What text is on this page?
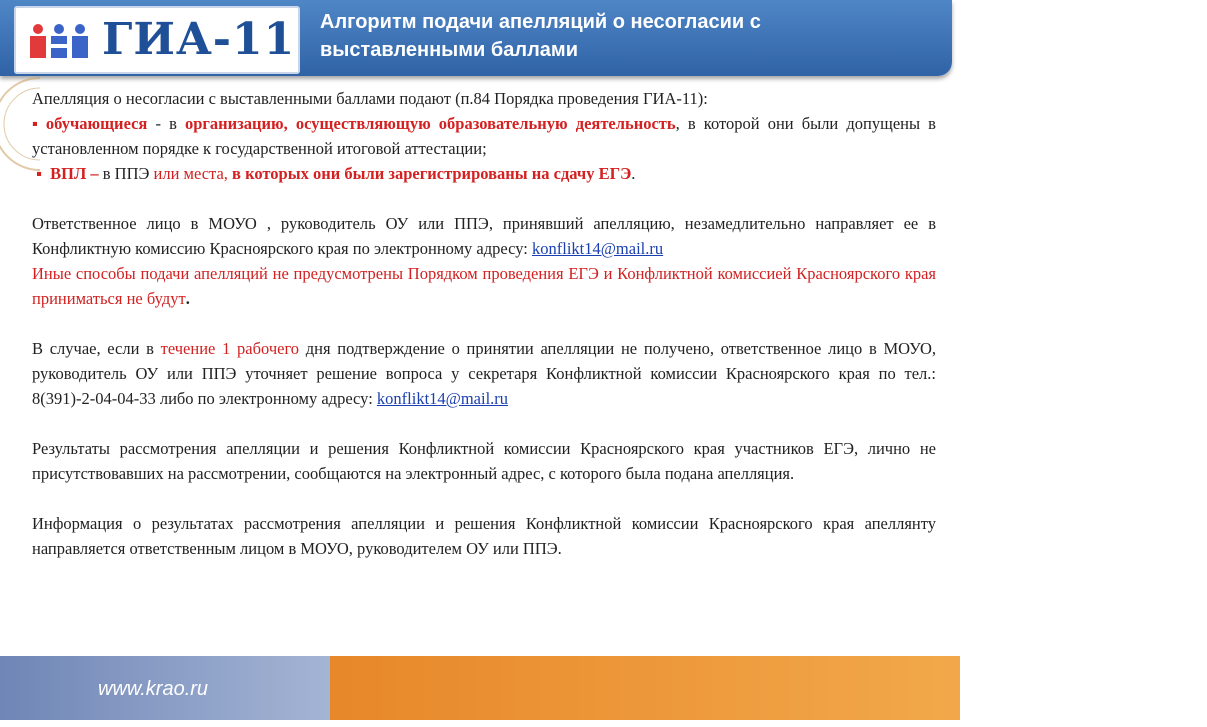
ГИА-11 Алгоритм подачи апелляций о несогласии с выставленными баллами

Апелляция о несогласии с выставленными баллами подают (п.84 Порядка проведения ГИА-11):

▪ обучающиеся - в организацию, осуществляющую образовательную деятельность, в которой они были допущены в установленном порядке к государственной итоговой аттестации;

▪ ВПЛ – в ППЭ или места, в которых они были зарегистрированы на сдачу ЕГЭ.

Ответственное лицо в МОУО , руководитель ОУ или ППЭ, принявший апелляцию, незамедлительно направляет ее в Конфликтную комиссию Красноярского края по электронному адресу: konflikt14@mail.ru

Иные способы подачи апелляций не предусмотрены Порядком проведения ЕГЭ и Конфликтной комиссией Красноярского края приниматься не будут.

В случае, если в течение 1 рабочего дня подтверждение о принятии апелляции не получено, ответственное лицо в МОУО, руководитель ОУ или ППЭ уточняет решение вопроса у секретаря Конфликтной комиссии Красноярского края по тел.: 8(391)-2-04-04-33 либо по электронному адресу: konflikt14@mail.ru

Результаты рассмотрения апелляции и решения Конфликтной комиссии Красноярского края участников ЕГЭ, лично не присутствовавших на рассмотрении, сообщаются на электронный адрес, с которого была подана апелляция.

Информация о результатах рассмотрения апелляции и решения Конфликтной комиссии Красноярского края апеллянту направляется ответственным лицом в МОУО, руководителем ОУ или ППЭ.

www.krao.ru
MyShared
